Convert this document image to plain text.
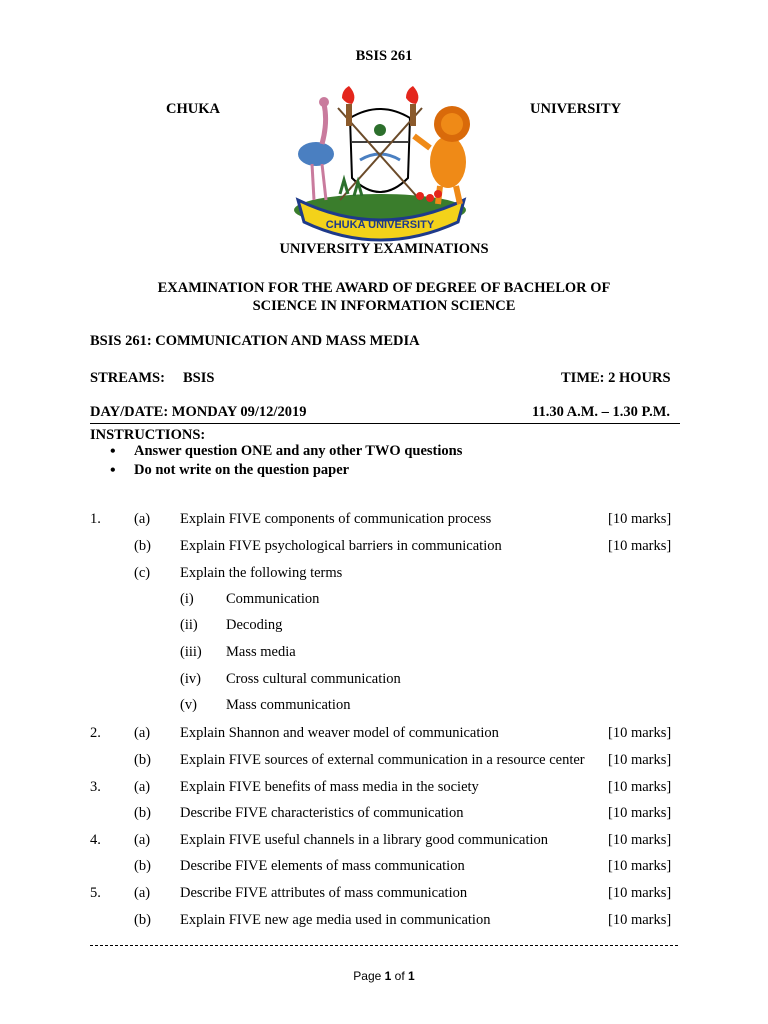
BSIS 261
CHUKA	UNIVERSITY
CHUKA UNIVERSITY
UNIVERSITY EXAMINATIONS
EXAMINATION FOR THE AWARD OF DEGREE OF BACHELOR OF
SCIENCE IN INFORMATION SCIENCE
BSIS 261: COMMUNICATION AND MASS MEDIA
STREAMS: BSIS	TIME: 2 HOURS
DAY/DATE: MONDAY 09/12/2019	11.30 A.M. – 1.30 P.M.
INSTRUCTIONS:
• Answer question ONE and any other TWO questions
• Do not write on the question paper
1. (a) Explain FIVE components of communication process	[10 marks]
(b) Explain FIVE psychological barriers in communication	[10 marks]
(c) Explain the following terms
(i) Communication
(ii) Decoding
(iii) Mass media
(iv) Cross cultural communication
(v) Mass communication
2. (a) Explain Shannon and weaver model of communication	[10 marks]
(b) Explain FIVE sources of external communication in a resource center [10 marks]
3. (a) Explain FIVE benefits of mass media in the society	[10 marks]
(b) Describe FIVE characteristics of communication	[10 marks]
4. (a) Explain FIVE useful channels in a library good communication	[10 marks]
(b) Describe FIVE elements of mass communication	[10 marks]
5. (a) Describe FIVE attributes of mass communication	[10 marks]
(b) Explain FIVE new age media used in communication	[10 marks]
Page 1 of 1
